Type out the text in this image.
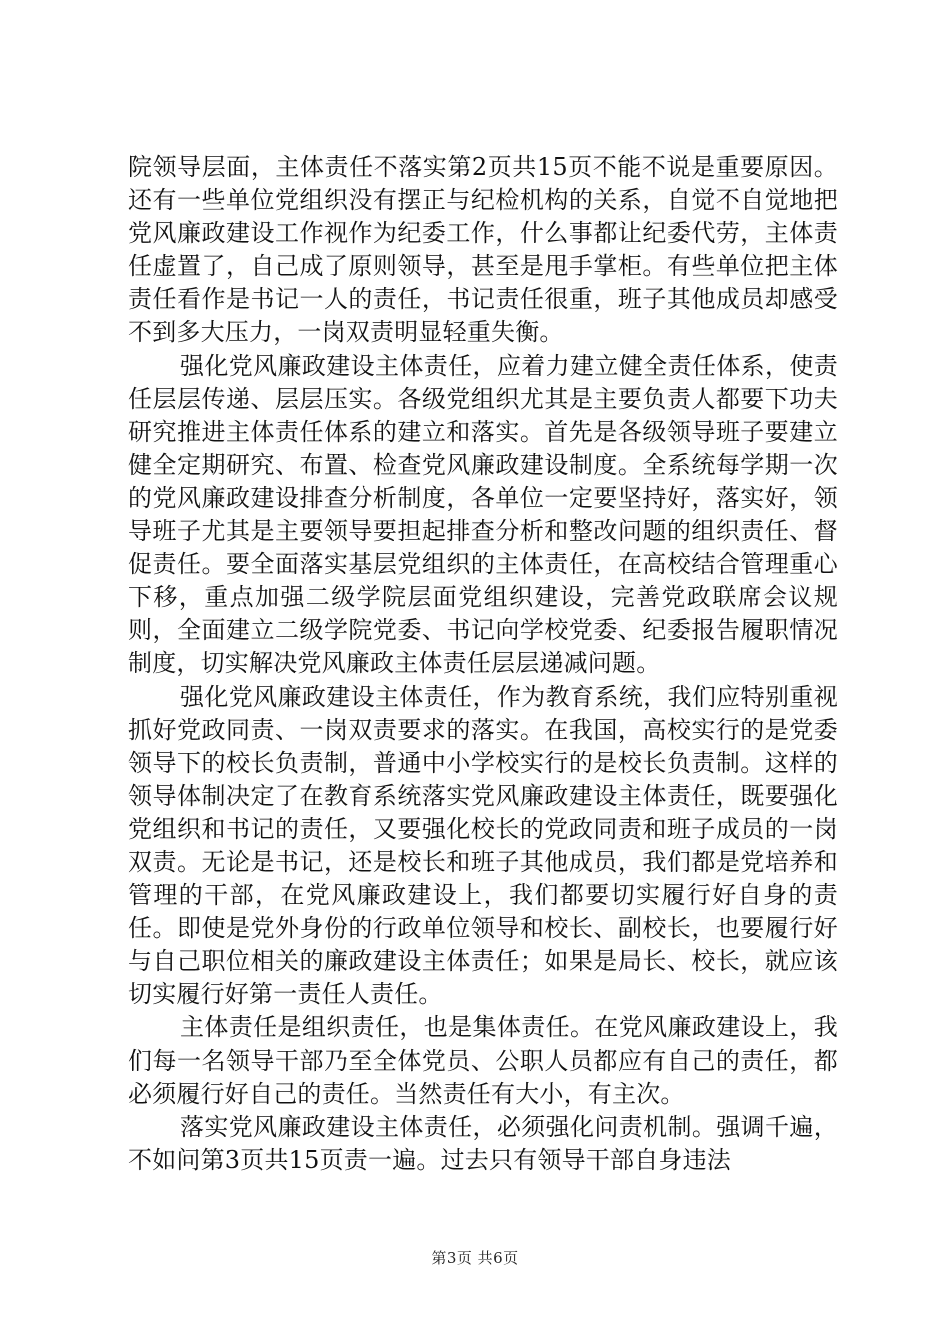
院领导层面，主体责任不落实第2页共15页不能不说是重要原因。还有一些单位党组织没有摆正与纪检机构的关系，自觉不自觉地把党风廉政建设工作视作为纪委工作，什么事都让纪委代劳，主体责任虚置了，自己成了原则领导，甚至是甩手掌柜。有些单位把主体责任看作是书记一人的责任，书记责任很重，班子其他成员却感受不到多大压力，一岗双责明显轻重失衡。

强化党风廉政建设主体责任，应着力建立健全责任体系，使责任层层传递、层层压实。各级党组织尤其是主要负责人都要下功夫研究推进主体责任体系的建立和落实。首先是各级领导班子要建立健全定期研究、布置、检查党风廉政建设制度。全系统每学期一次的党风廉政建设排查分析制度，各单位一定要坚持好，落实好，领导班子尤其是主要领导要担起排查分析和整改问题的组织责任、督促责任。要全面落实基层党组织的主体责任，在高校结合管理重心下移，重点加强二级学院层面党组织建设，完善党政联席会议规则，全面建立二级学院党委、书记向学校党委、纪委报告履职情况制度，切实解决党风廉政主体责任层层递减问题。

强化党风廉政建设主体责任，作为教育系统，我们应特别重视抓好党政同责、一岗双责要求的落实。在我国，高校实行的是党委领导下的校长负责制，普通中小学校实行的是校长负责制。这样的领导体制决定了在教育系统落实党风廉政建设主体责任，既要强化党组织和书记的责任，又要强化校长的党政同责和班子成员的一岗双责。无论是书记，还是校长和班子其他成员，我们都是党培养和管理的干部，在党风廉政建设上，我们都要切实履行好自身的责任。即使是党外身份的行政单位领导和校长、副校长，也要履行好与自己职位相关的廉政建设主体责任；如果是局长、校长，就应该切实履行好第一责任人责任。

主体责任是组织责任，也是集体责任。在党风廉政建设上，我们每一名领导干部乃至全体党员、公职人员都应有自己的责任，都必须履行好自己的责任。当然责任有大小，有主次。

落实党风廉政建设主体责任，必须强化问责机制。强调千遍，不如问第3页共15页责一遍。过去只有领导干部自身违法

第3页 共6页
